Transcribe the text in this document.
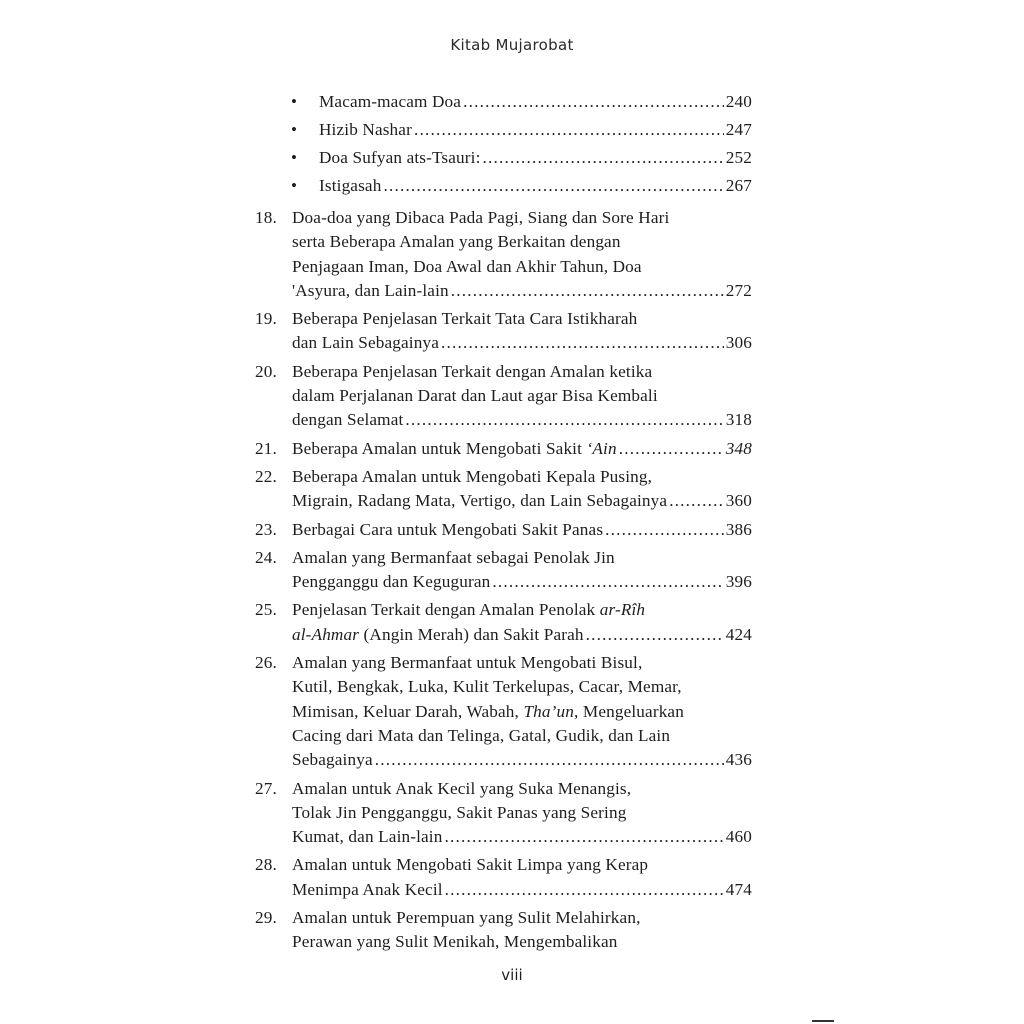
Kitab Mujarobat
• Macam-macam Doa .....	240
• Hizib Nashar .....	247
• Doa Sufyan ats-Tsauri: .....	252
• Istigasah .....	267
18. Doa-doa yang Dibaca Pada Pagi, Siang dan Sore Hari
serta Beberapa Amalan yang Berkaitan dengan
Penjagaan Iman, Doa Awal dan Akhir Tahun, Doa
'Asyura, dan Lain-lain .....	272
19. Beberapa Penjelasan Terkait Tata Cara Istikharah
dan Lain Sebagainya .....	306
20. Beberapa Penjelasan Terkait dengan Amalan ketika
dalam Perjalanan Darat dan Laut agar Bisa Kembali
dengan Selamat .....	318
21. Beberapa Amalan untuk Mengobati Sakit
‘Ain .....	348
22. Beberapa Amalan untuk Mengobati Kepala Pusing,
Migrain, Radang Mata, Vertigo, dan Lain Sebagainya .....	360
23. Berbagai Cara untuk Mengobati Sakit Panas .....	386
24. Amalan yang Bermanfaat sebagai Penolak Jin
Pengganggu dan Keguguran .....	396
25. Penjelasan Terkait dengan Amalan Penolak ar-Rîh
al-Ahmar
(Angin Merah) dan Sakit Parah .....	424
26. Amalan yang Bermanfaat untuk Mengobati Bisul,
Kutil, Bengkak, Luka, Kulit Terkelupas, Cacar, Memar,
Mimisan, Keluar Darah, Wabah, Tha’un, Mengeluarkan
Cacing dari Mata dan Telinga, Gatal, Gudik, dan Lain
Sebagainya .....	436
27. Amalan untuk Anak Kecil yang Suka Menangis,
Tolak Jin Pengganggu, Sakit Panas yang Sering
Kumat, dan Lain-lain .....	460
28. Amalan untuk Mengobati Sakit Limpa yang Kerap
Menimpa Anak Kecil .....	474
29. Amalan untuk Perempuan yang Sulit Melahirkan,
Perawan yang Sulit Menikah, Mengembalikan
viii
